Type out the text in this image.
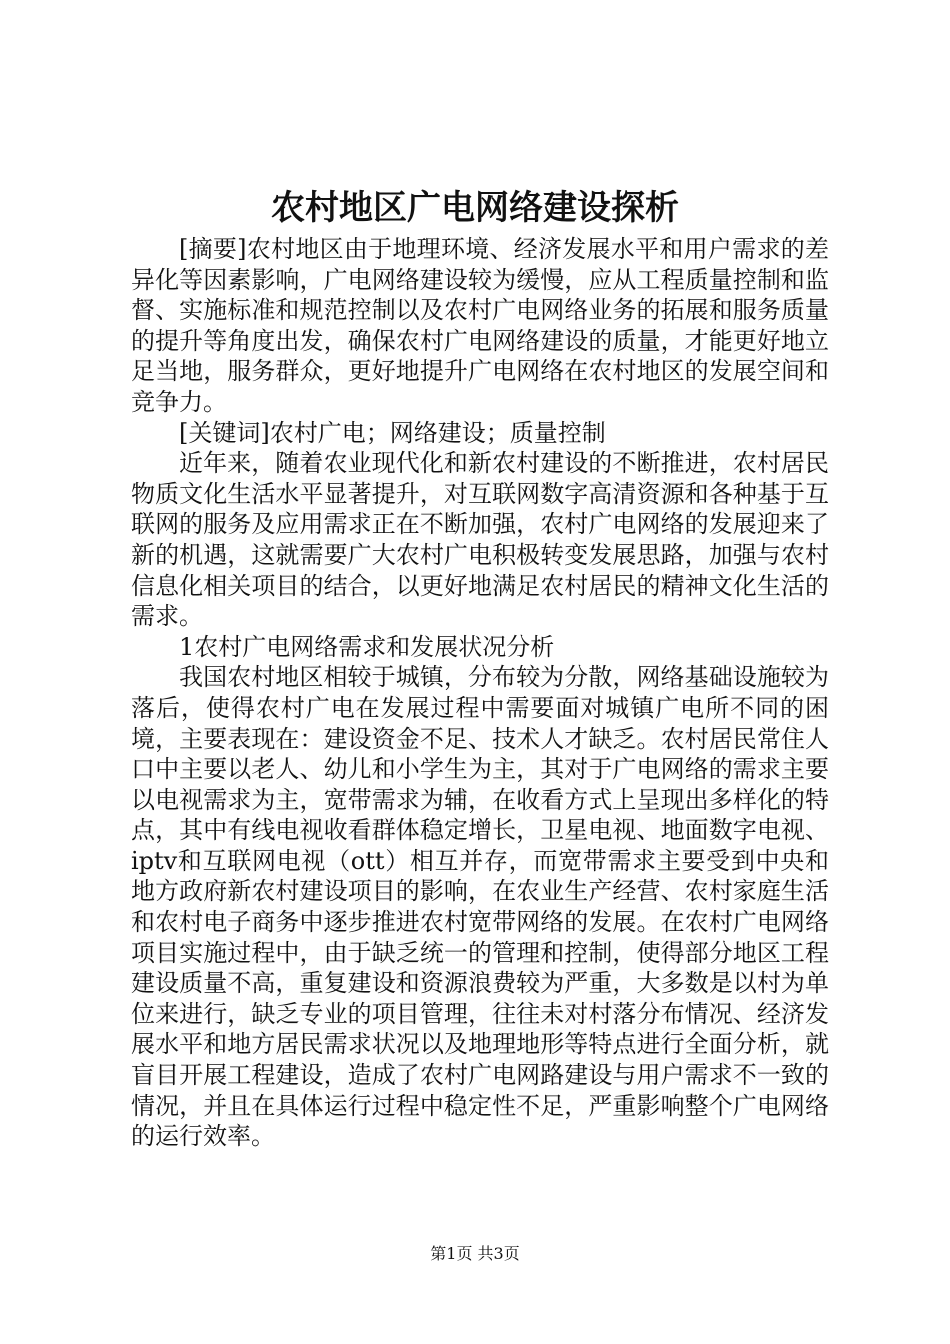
农村地区广电网络建设探析

[摘要]农村地区由于地理环境、经济发展水平和用户需求的差异化等因素影响，广电网络建设较为缓慢，应从工程质量控制和监督、实施标准和规范控制以及农村广电网络业务的拓展和服务质量的提升等角度出发，确保农村广电网络建设的质量，才能更好地立足当地，服务群众，更好地提升广电网络在农村地区的发展空间和竞争力。

[关键词]农村广电；网络建设；质量控制

近年来，随着农业现代化和新农村建设的不断推进，农村居民物质文化生活水平显著提升，对互联网数字高清资源和各种基于互联网的服务及应用需求正在不断加强，农村广电网络的发展迎来了新的机遇，这就需要广大农村广电积极转变发展思路，加强与农村信息化相关项目的结合，以更好地满足农村居民的精神文化生活的需求。

1农村广电网络需求和发展状况分析

我国农村地区相较于城镇，分布较为分散，网络基础设施较为落后，使得农村广电在发展过程中需要面对城镇广电所不同的困境，主要表现在：建设资金不足、技术人才缺乏。农村居民常住人口中主要以老人、幼儿和小学生为主，其对于广电网络的需求主要以电视需求为主，宽带需求为辅，在收看方式上呈现出多样化的特点，其中有线电视收看群体稳定增长，卫星电视、地面数字电视、iptv和互联网电视（ott）相互并存，而宽带需求主要受到中央和地方政府新农村建设项目的影响，在农业生产经营、农村家庭生活和农村电子商务中逐步推进农村宽带网络的发展。在农村广电网络项目实施过程中，由于缺乏统一的管理和控制，使得部分地区工程建设质量不高，重复建设和资源浪费较为严重，大多数是以村为单位来进行，缺乏专业的项目管理，往往未对村落分布情况、经济发展水平和地方居民需求状况以及地理地形等特点进行全面分析，就盲目开展工程建设，造成了农村广电网路建设与用户需求不一致的情况，并且在具体运行过程中稳定性不足，严重影响整个广电网络的运行效率。

第1页 共3页
